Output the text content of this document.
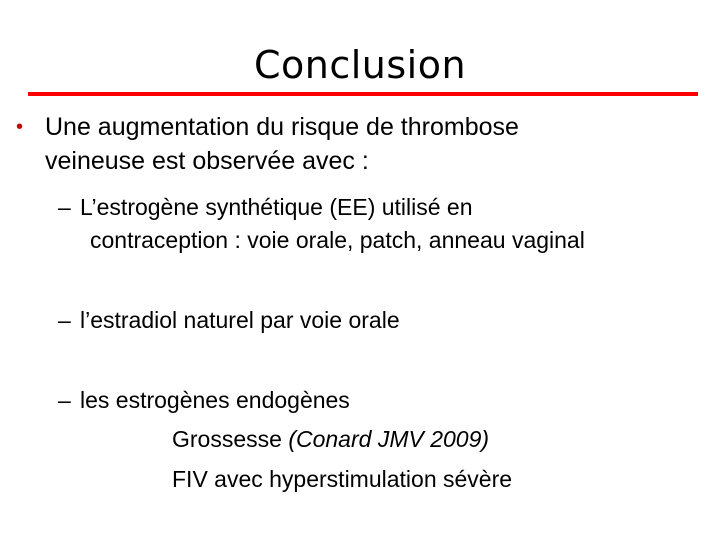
Conclusion
• Une augmentation du risque de thrombose
veineuse est observée avec :
– L’estrogène synthétique (EE) utilisé en
contraception : voie orale, patch, anneau vaginal
– l’estradiol naturel par voie orale
– les estrogènes endogènes
Grossesse (Conard JMV 2009)
FIV avec hyperstimulation sévère
